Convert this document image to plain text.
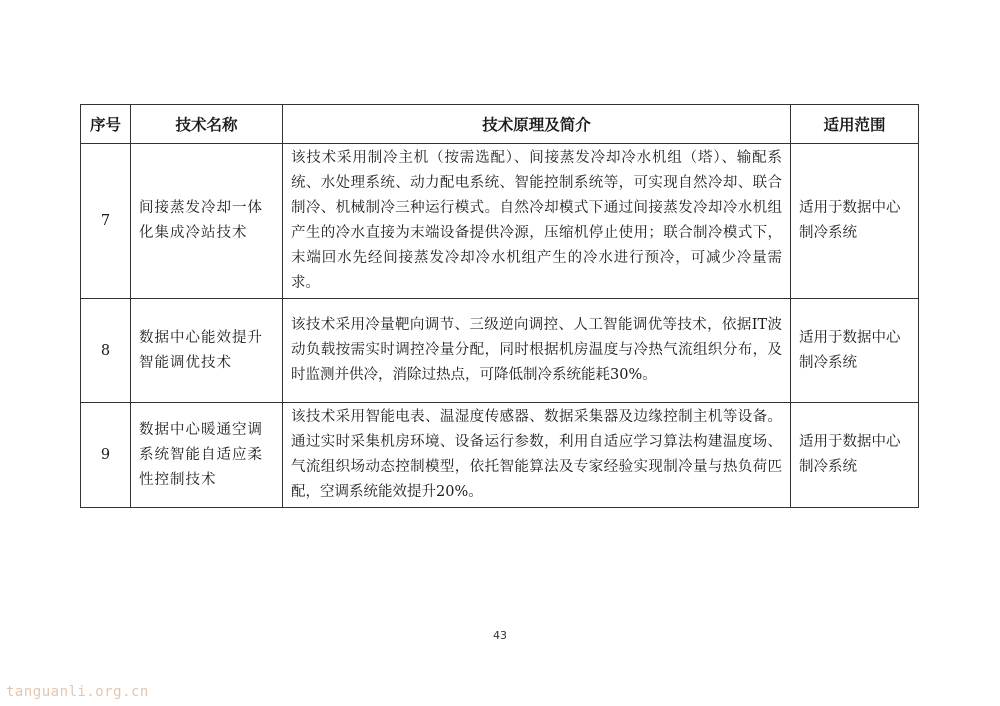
序号	技术名称	技术原理及简介	适用范围
7	间接蒸发冷却一体化集成冷站技术	该技术采用制冷主机（按需选配）、间接蒸发冷却冷水机组（塔）、输配系统、水处理系统、动力配电系统、智能控制系统等，可实现自然冷却、联合制冷、机械制冷三种运行模式。自然冷却模式下通过间接蒸发冷却冷水机组产生的冷水直接为末端设备提供冷源，压缩机停止使用；联合制冷模式下，末端回水先经间接蒸发冷却冷水机组产生的冷水进行预冷，可减少冷量需求。	适用于数据中心制冷系统
8	数据中心能效提升智能调优技术	该技术采用冷量靶向调节、三级逆向调控、人工智能调优等技术，依据IT波动负载按需实时调控冷量分配，同时根据机房温度与冷热气流组织分布，及时监测并供冷，消除过热点，可降低制冷系统能耗30%。	适用于数据中心制冷系统
9	数据中心暖通空调系统智能自适应柔性控制技术	该技术采用智能电表、温湿度传感器、数据采集器及边缘控制主机等设备。通过实时采集机房环境、设备运行参数，利用自适应学习算法构建温度场、气流组织场动态控制模型，依托智能算法及专家经验实现制冷量与热负荷匹配，空调系统能效提升20%。	适用于数据中心制冷系统
43
tanguanli.org.cn
